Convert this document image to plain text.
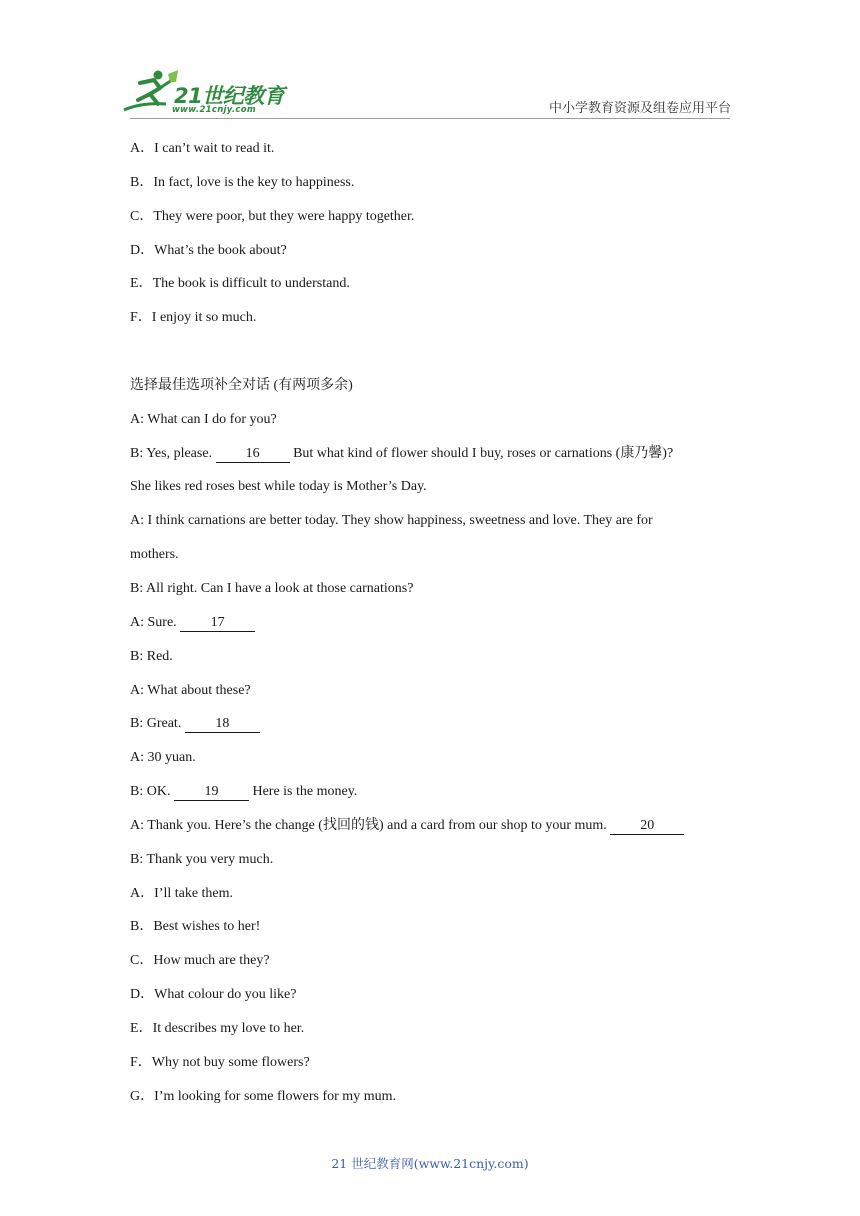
21世纪教育
www.21cnjy.com	中小学教育资源及组卷应用平台
A．I can’t wait to read it.
B．In fact, love is the key to happiness.
C．They were poor, but they were happy together.
D．What’s the book about?
E．The book is difficult to understand.
F．I enjoy it so much.
选择最佳选项补全对话 (有两项多余)
A: What can I do for you?
B: Yes, please. 16 But what kind of flower should I buy, roses or carnations (康乃馨)?
She likes red roses best while today is Mother’s Day.
A: I think carnations are better today. They show happiness, sweetness and love. They are for
mothers.
B: All right. Can I have a look at those carnations?
A: Sure. 17
B: Red.
A: What about these?
B: Great. 18
A: 30 yuan.
B: OK. 19 Here is the money.
A: Thank you. Here’s the change (找回的钱) and a card from our shop to your mum. 20
B: Thank you very much.
A．I’ll take them.
B．Best wishes to her!
C．How much are they?
D．What colour do you like?
E．It describes my love to her.
F．Why not buy some flowers?
G．I’m looking for some flowers for my mum.
21 世纪教育网(www.21cnjy.com)
